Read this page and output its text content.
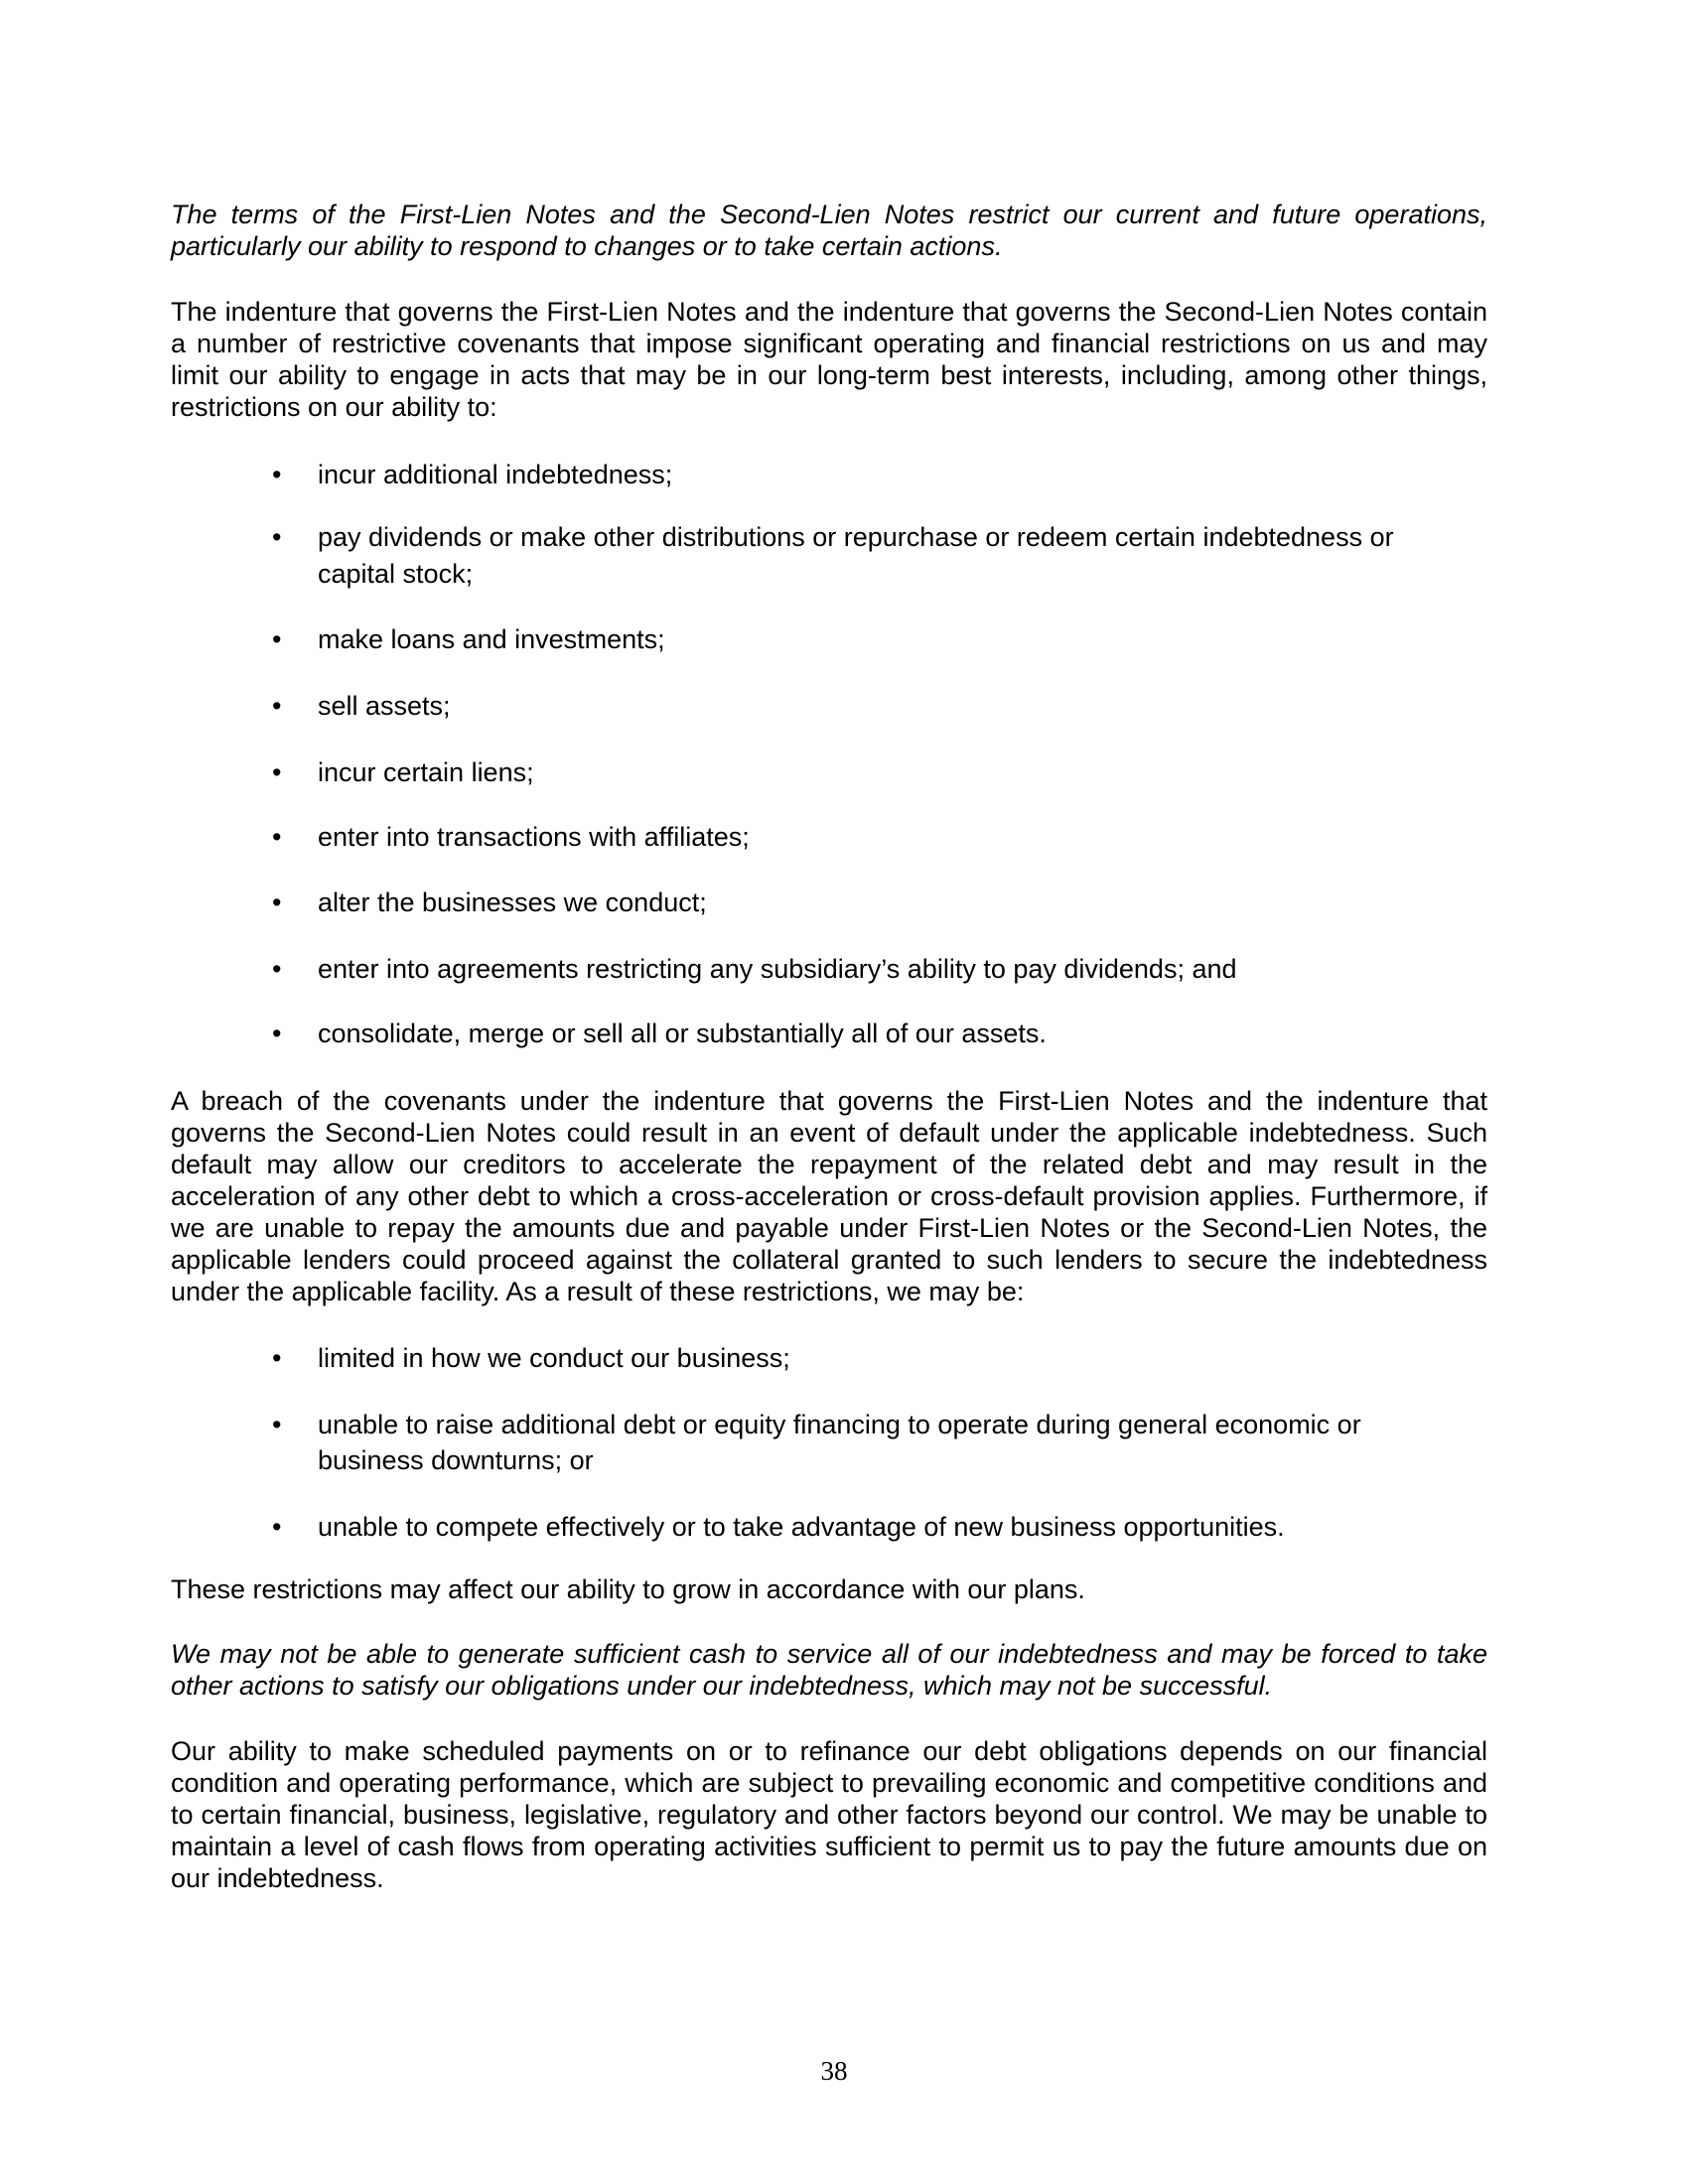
The terms of the First-Lien Notes and the Second-Lien Notes restrict our current and future operations, particularly our ability to respond to changes or to take certain actions.

The indenture that governs the First-Lien Notes and the indenture that governs the Second-Lien Notes contain a number of restrictive covenants that impose significant operating and financial restrictions on us and may limit our ability to engage in acts that may be in our long-term best interests, including, among other things, restrictions on our ability to:

•	incur additional indebtedness;
•	pay dividends or make other distributions or repurchase or redeem certain indebtedness or capital stock;
•	make loans and investments;
•	sell assets;
•	incur certain liens;
•	enter into transactions with affiliates;
•	alter the businesses we conduct;
•	enter into agreements restricting any subsidiary’s ability to pay dividends; and
•	consolidate, merge or sell all or substantially all of our assets.

A breach of the covenants under the indenture that governs the First-Lien Notes and the indenture that governs the Second-Lien Notes could result in an event of default under the applicable indebtedness. Such default may allow our creditors to accelerate the repayment of the related debt and may result in the acceleration of any other debt to which a cross-acceleration or cross-default provision applies. Furthermore, if we are unable to repay the amounts due and payable under First-Lien Notes or the Second-Lien Notes, the applicable lenders could proceed against the collateral granted to such lenders to secure the indebtedness under the applicable facility. As a result of these restrictions, we may be:

•	limited in how we conduct our business;
•	unable to raise additional debt or equity financing to operate during general economic or business downturns; or
•	unable to compete effectively or to take advantage of new business opportunities.

These restrictions may affect our ability to grow in accordance with our plans.

We may not be able to generate sufficient cash to service all of our indebtedness and may be forced to take other actions to satisfy our obligations under our indebtedness, which may not be successful.

Our ability to make scheduled payments on or to refinance our debt obligations depends on our financial condition and operating performance, which are subject to prevailing economic and competitive conditions and to certain financial, business, legislative, regulatory and other factors beyond our control. We may be unable to maintain a level of cash flows from operating activities sufficient to permit us to pay the future amounts due on our indebtedness.

38
